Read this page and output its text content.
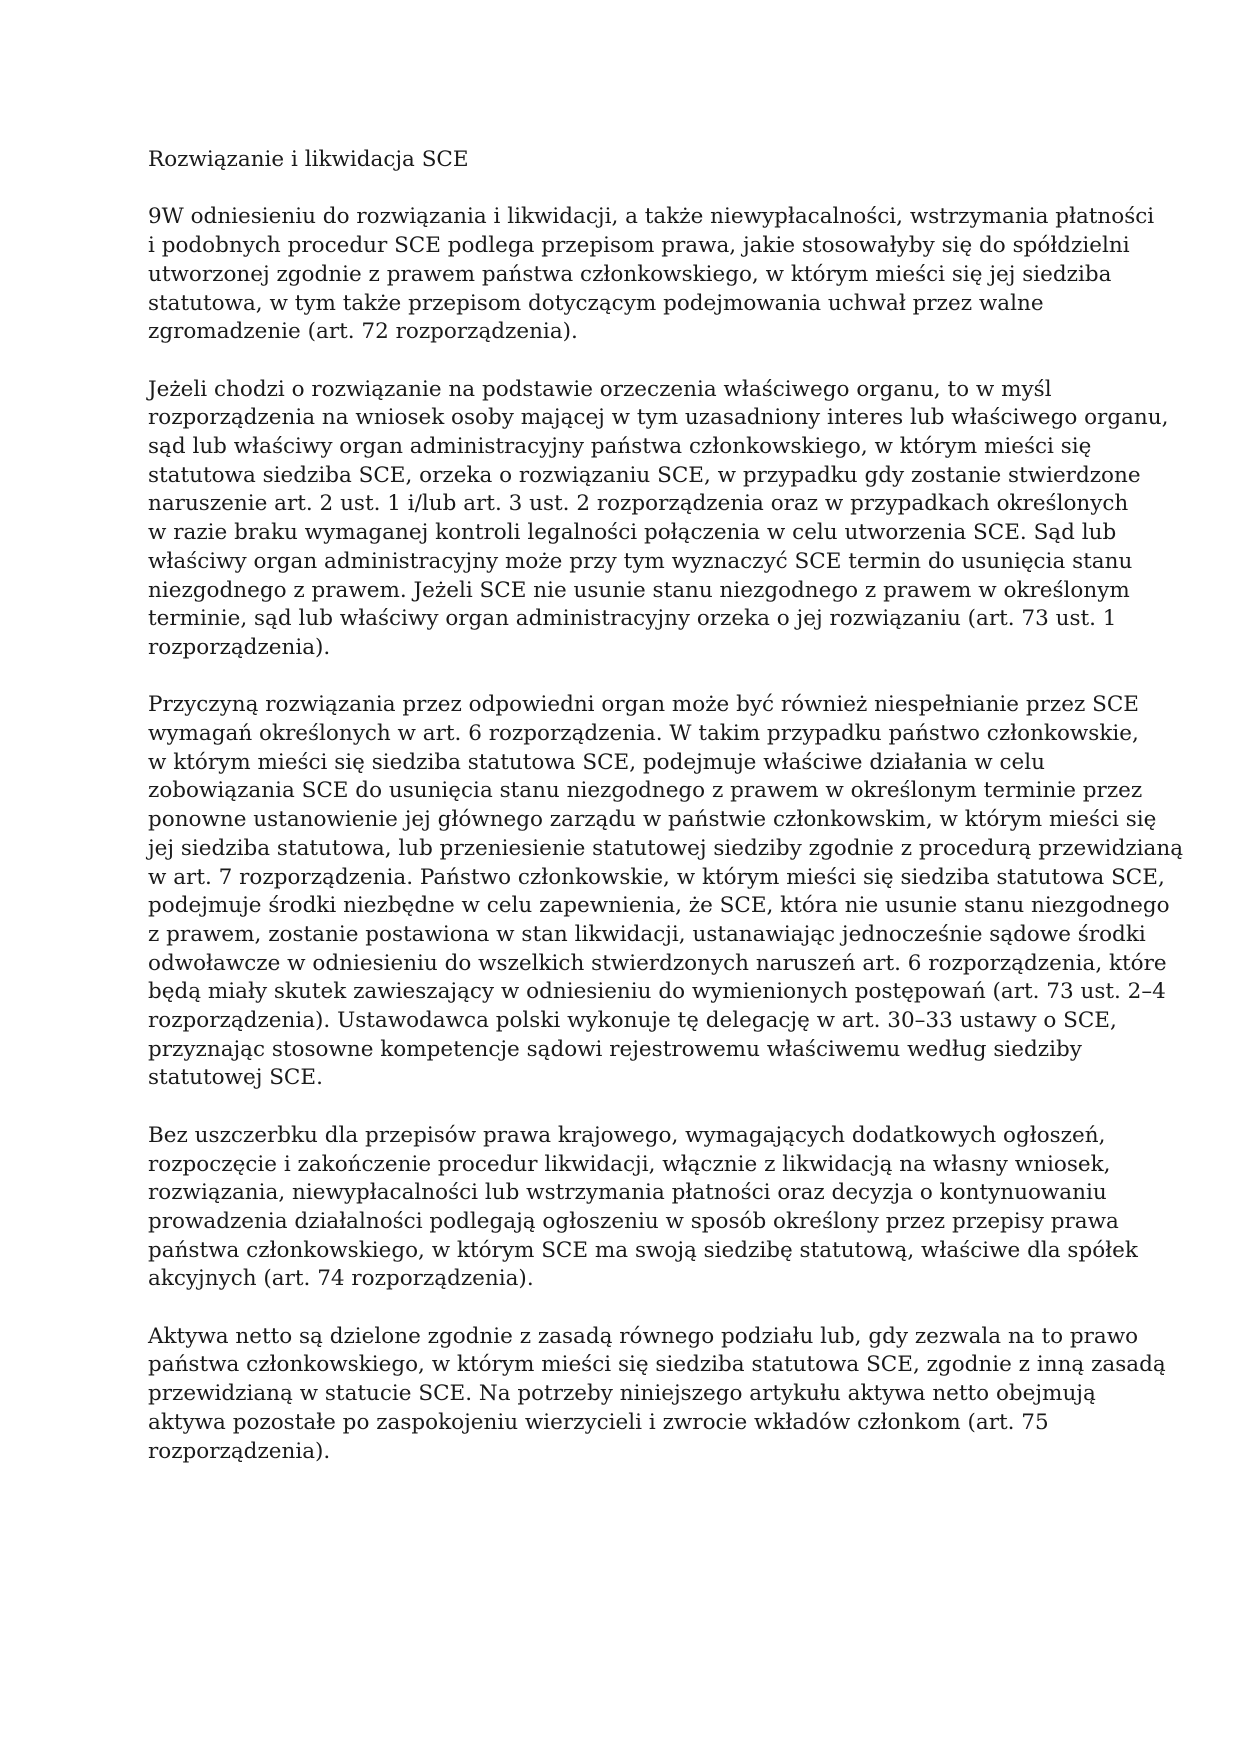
Rozwiązanie i likwidacja SCE
9W odniesieniu do rozwiązania i likwidacji, a także niewypłacalności, wstrzymania płatności
i podobnych procedur SCE podlega przepisom prawa, jakie stosowałyby się do spółdzielni
utworzonej zgodnie z prawem państwa członkowskiego, w którym mieści się jej siedziba
statutowa, w tym także przepisom dotyczącym podejmowania uchwał przez walne
zgromadzenie (art. 72 rozporządzenia).
Jeżeli chodzi o rozwiązanie na podstawie orzeczenia właściwego organu, to w myśl
rozporządzenia na wniosek osoby mającej w tym uzasadniony interes lub właściwego organu,
sąd lub właściwy organ administracyjny państwa członkowskiego, w którym mieści się
statutowa siedziba SCE, orzeka o rozwiązaniu SCE, w przypadku gdy zostanie stwierdzone
naruszenie art. 2 ust. 1 i/lub art. 3 ust. 2 rozporządzenia oraz w przypadkach określonych
w razie braku wymaganej kontroli legalności połączenia w celu utworzenia SCE. Sąd lub
właściwy organ administracyjny może przy tym wyznaczyć SCE termin do usunięcia stanu
niezgodnego z prawem. Jeżeli SCE nie usunie stanu niezgodnego z prawem w określonym
terminie, sąd lub właściwy organ administracyjny orzeka o jej rozwiązaniu (art. 73 ust. 1
rozporządzenia).
Przyczyną rozwiązania przez odpowiedni organ może być również niespełnianie przez SCE
wymagań określonych w art. 6 rozporządzenia. W takim przypadku państwo członkowskie,
w którym mieści się siedziba statutowa SCE, podejmuje właściwe działania w celu
zobowiązania SCE do usunięcia stanu niezgodnego z prawem w określonym terminie przez
ponowne ustanowienie jej głównego zarządu w państwie członkowskim, w którym mieści się
jej siedziba statutowa, lub przeniesienie statutowej siedziby zgodnie z procedurą przewidzianą
w art. 7 rozporządzenia. Państwo członkowskie, w którym mieści się siedziba statutowa SCE,
podejmuje środki niezbędne w celu zapewnienia, że SCE, która nie usunie stanu niezgodnego
z prawem, zostanie postawiona w stan likwidacji, ustanawiając jednocześnie sądowe środki
odwoławcze w odniesieniu do wszelkich stwierdzonych naruszeń art. 6 rozporządzenia, które
będą miały skutek zawieszający w odniesieniu do wymienionych postępowań (art. 73 ust. 2–4
rozporządzenia). Ustawodawca polski wykonuje tę delegację w art. 30–33 ustawy o SCE,
przyznając stosowne kompetencje sądowi rejestrowemu właściwemu według siedziby
statutowej SCE.
Bez uszczerbku dla przepisów prawa krajowego, wymagających dodatkowych ogłoszeń,
rozpoczęcie i zakończenie procedur likwidacji, włącznie z likwidacją na własny wniosek,
rozwiązania, niewypłacalności lub wstrzymania płatności oraz decyzja o kontynuowaniu
prowadzenia działalności podlegają ogłoszeniu w sposób określony przez przepisy prawa
państwa członkowskiego, w którym SCE ma swoją siedzibę statutową, właściwe dla spółek
akcyjnych (art. 74 rozporządzenia).
Aktywa netto są dzielone zgodnie z zasadą równego podziału lub, gdy zezwala na to prawo
państwa członkowskiego, w którym mieści się siedziba statutowa SCE, zgodnie z inną zasadą
przewidzianą w statucie SCE. Na potrzeby niniejszego artykułu aktywa netto obejmują
aktywa pozostałe po zaspokojeniu wierzycieli i zwrocie wkładów członkom (art. 75
rozporządzenia).
